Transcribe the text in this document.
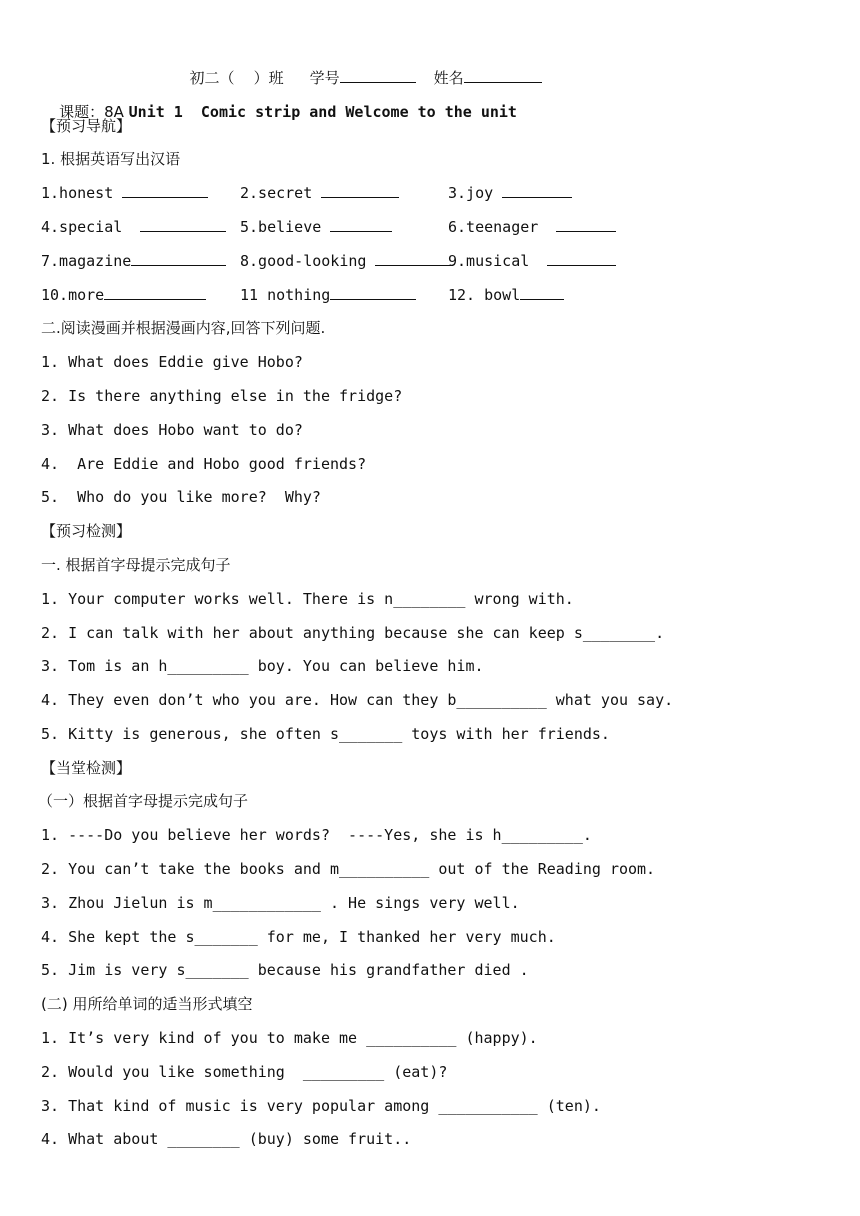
初二（    ）班 学号	姓名

课题：8A Unit 1  Comic strip and Welcome to the unit

【预习导航】
1. 根据英语写出汉语
1.honest	2.secret	3.joy
4.special	5.believe	6.teenager
7.magazine	8.good-looking	9.musical
10.more	11 nothing	12. bowl
二.阅读漫画并根据漫画内容,回答下列问题.
1. What does Eddie give Hobo?
2. Is there anything else in the fridge?
3. What does Hobo want to do?
4.  Are Eddie and Hobo good friends?
5.  Who do you like more?  Why?
【预习检测】
一. 根据首字母提示完成句子
1. Your computer works well. There is n________ wrong with.
2. I can talk with her about anything because she can keep s________.
3. Tom is an h_________ boy. You can believe him.
4. They even don’t who you are. How can they b__________ what you say.
5. Kitty is generous, she often s_______ toys with her friends.
【当堂检测】
（一）根据首字母提示完成句子
1. ----Do you believe her words?  ----Yes, she is h_________.
2. You can’t take the books and m__________ out of the Reading room.
3. Zhou Jielun is m____________ . He sings very well.
4. She kept the s_______ for me, I thanked her very much.
5. Jim is very s_______ because his grandfather died .
(二) 用所给单词的适当形式填空
1. It’s very kind of you to make me __________ (happy).
2. Would you like something  _________ (eat)?
3. That kind of music is very popular among ___________ (ten).
4. What about ________ (buy) some fruit..
